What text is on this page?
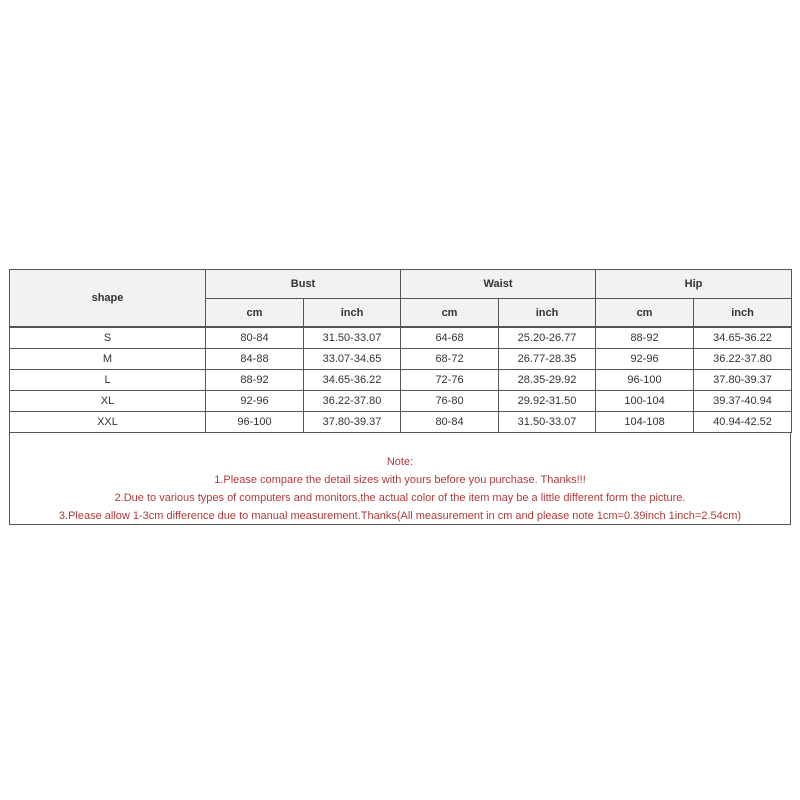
shape	Bust		Waist		Hip	
	cm	inch	cm	inch	cm	inch

S	80-84	31.50-33.07	64-68	25.20-26.77	88-92	34.65-36.22
M	84-88	33.07-34.65	68-72	26.77-28.35	92-96	36.22-37.80
L	88-92	34.65-36.22	72-76	28.35-29.92	96-100	37.80-39.37
XL	92-96	36.22-37.80	76-80	29.92-31.50	100-104	39.37-40.94
XXL	96-100	37.80-39.37	80-84	31.50-33.07	104-108	40.94-42.52
Note:
1.Please compare the detail sizes with yours before you purchase. Thanks!!!
2.Due to various types of computers and monitors,the actual color of the item may be a little different form the picture.
3.Please allow 1-3cm difference due to manual measurement.Thanks(All measurement in cm and please note 1cm=0.39inch 1inch=2.54cm)
